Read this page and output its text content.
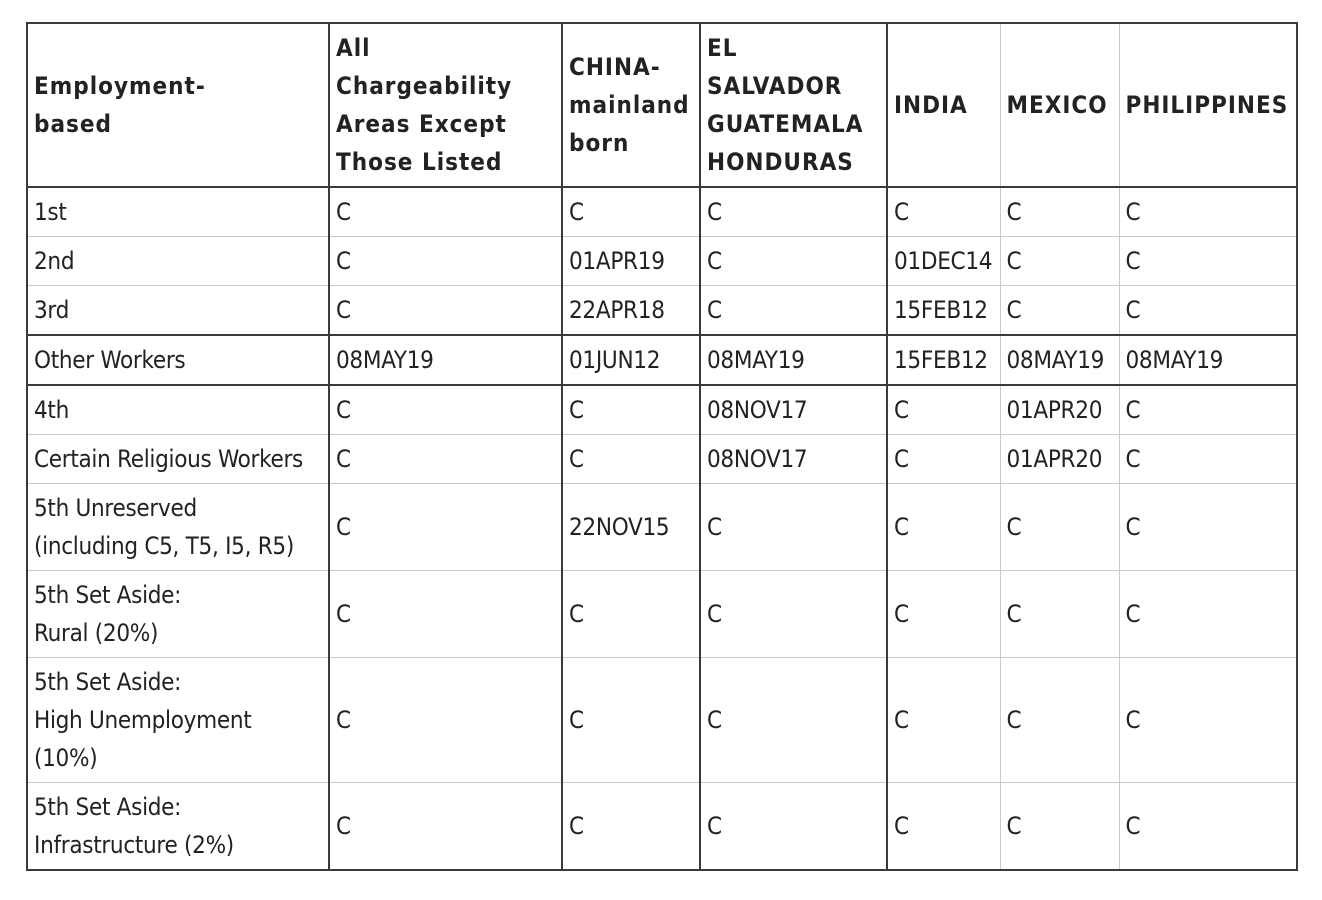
Employment-
based	All
Chargeability
Areas Except
Those Listed	CHINA-
mainland
born	EL
SALVADOR
GUATEMALA
HONDURAS	INDIA	MEXICO	PHILIPPINES

1st	C	C	C	C	C	C

2nd	C	01APR19	C	01DEC14	C	C

3rd	C	22APR18	C	15FEB12	C	C

Other Workers	08MAY19	01JUN12	08MAY19	15FEB12	08MAY19	08MAY19

4th	C	C	08NOV17	C	01APR20	C

Certain Religious Workers	C	C	08NOV17	C	01APR20	C

5th Unreserved
(including C5, T5, I5, R5)	C	22NOV15	C	C	C	C

5th Set Aside:
Rural (20%)	C	C	C	C	C	C

5th Set Aside:
High Unemployment
(10%)	C	C	C	C	C	C

5th Set Aside:
Infrastructure (2%)	C	C	C	C	C	C
